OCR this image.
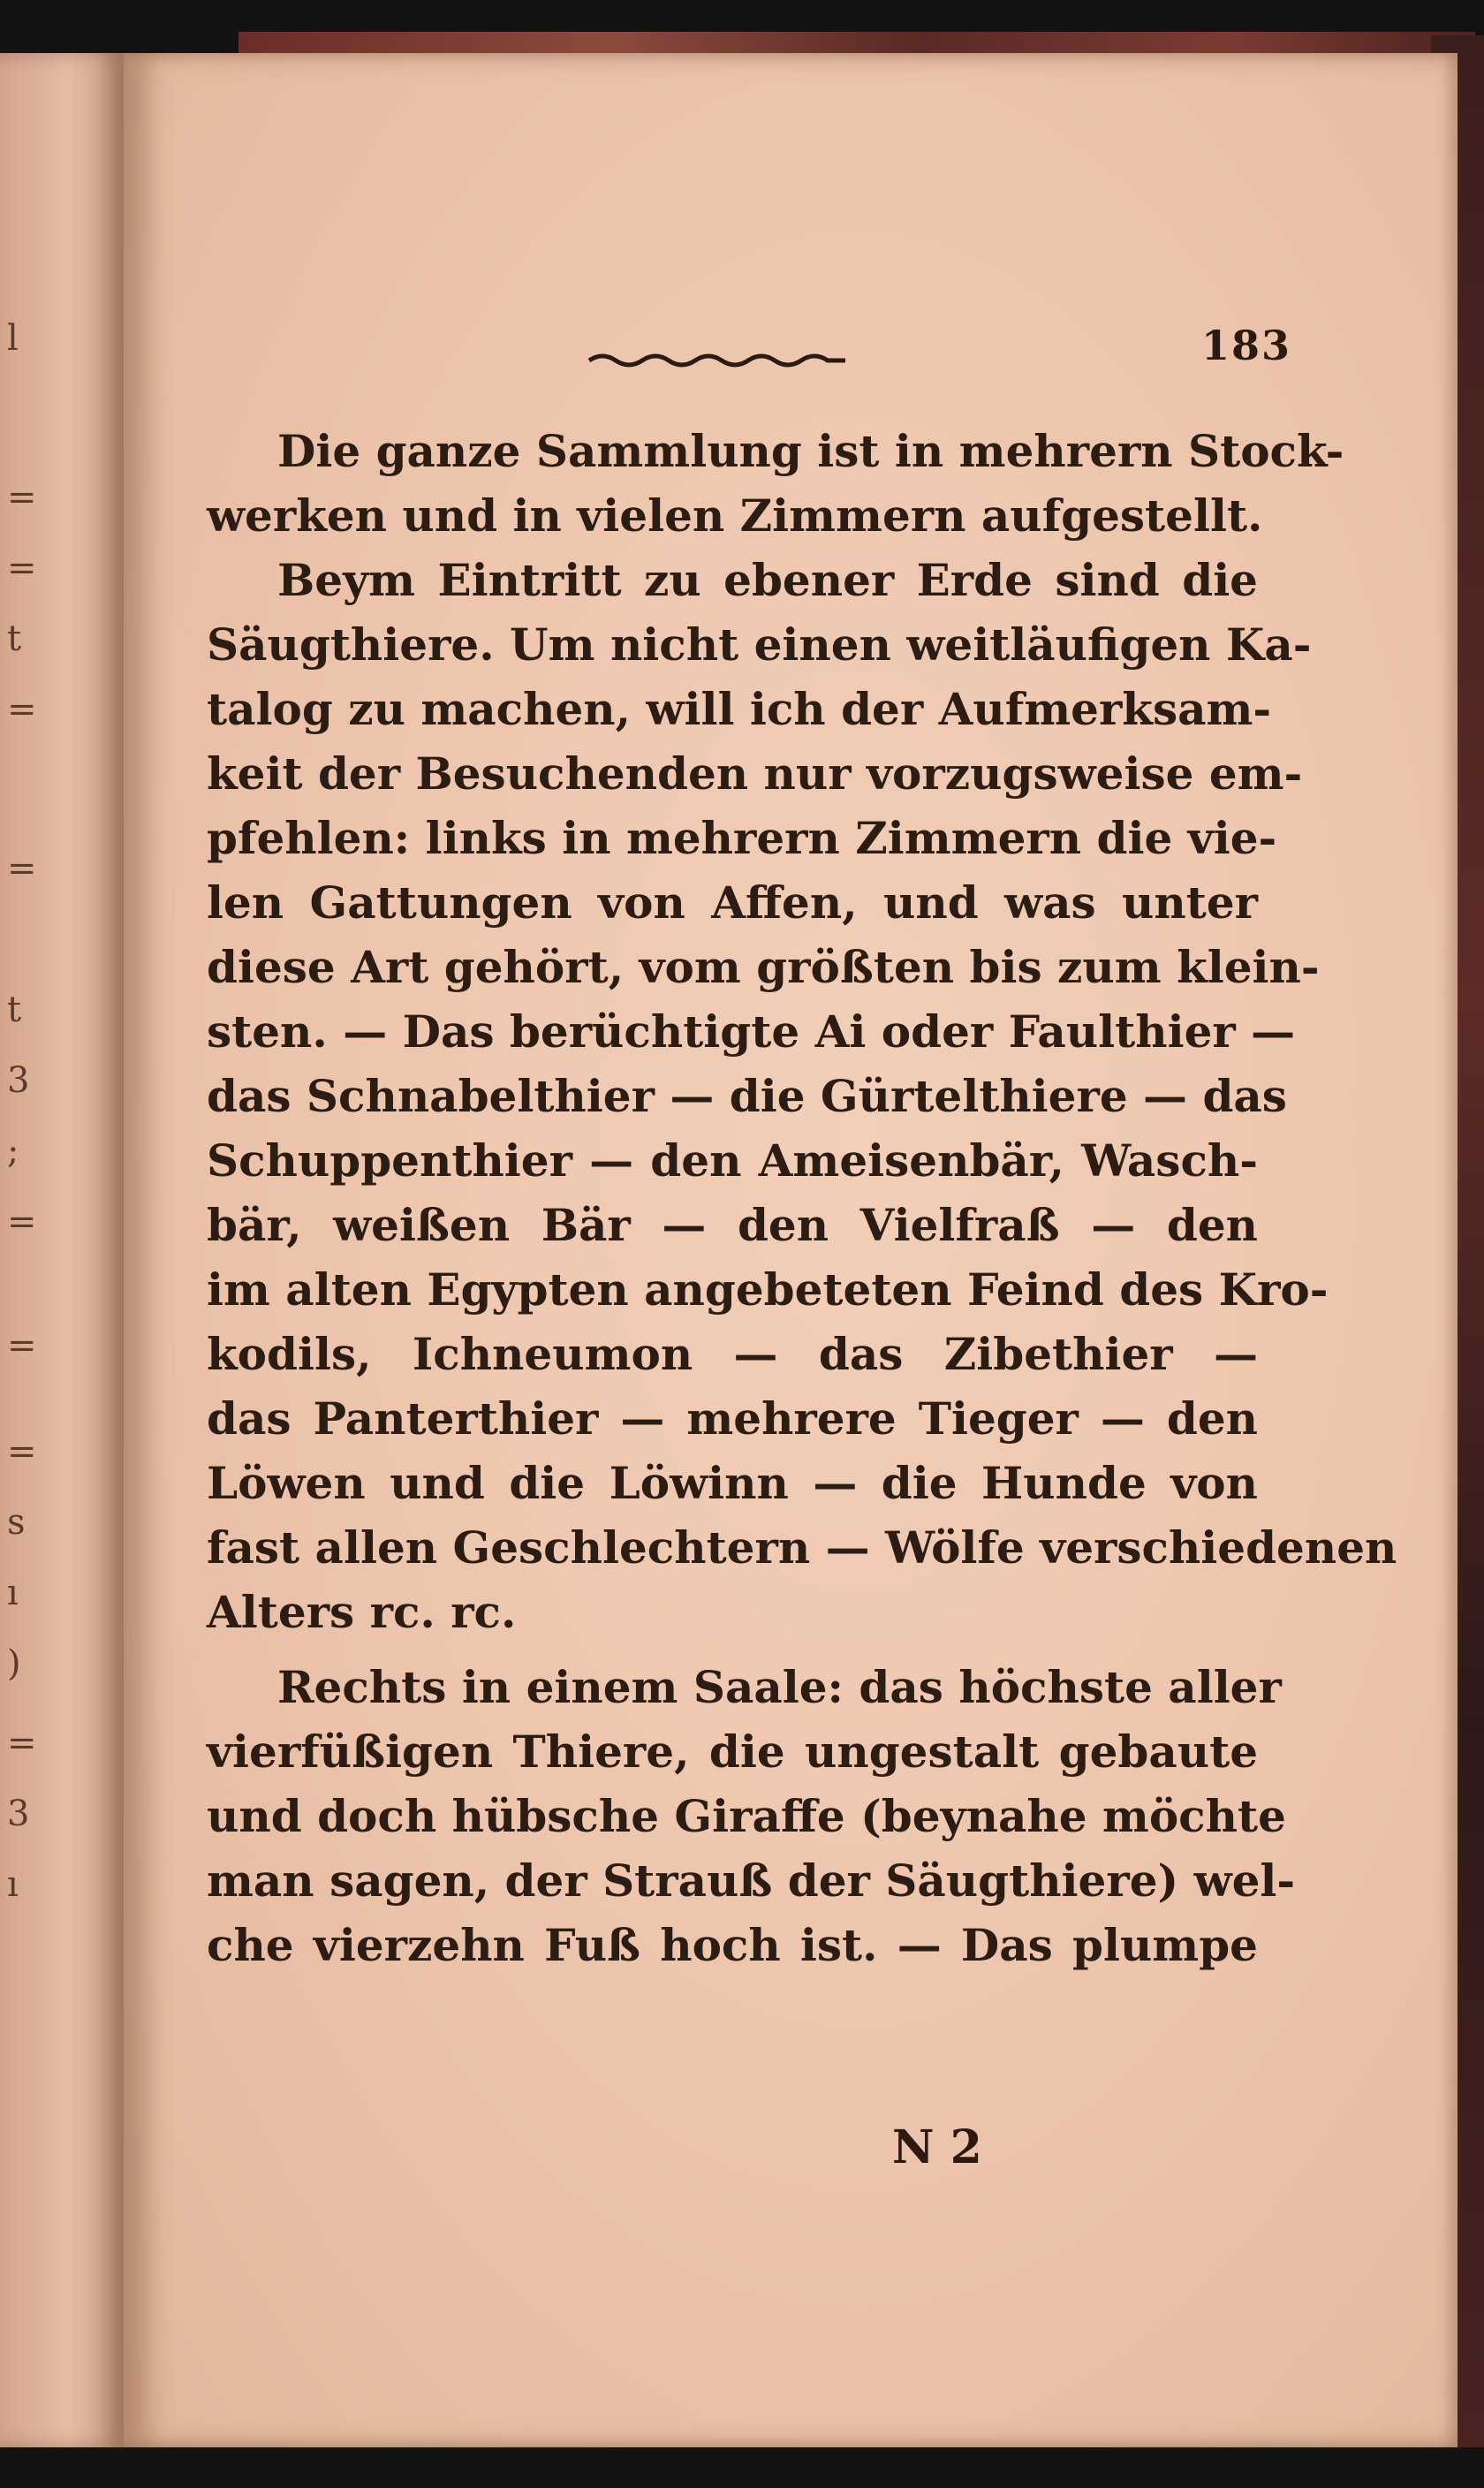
l
=
=
t
=
=
t
3
;
=
=
=
s
ı
)
=
3
ı
183
Die ganze Sammlung ist in mehrern Stock-
werken und in vielen Zimmern aufgestellt.
Beym Eintritt zu ebener Erde sind die
Säugthiere. Um nicht einen weitläufigen Ka-
talog zu machen, will ich der Aufmerksam-
keit der Besuchenden nur vorzugsweise em-
pfehlen: links in mehrern Zimmern die vie-
len Gattungen von Affen, und was unter
diese Art gehört, vom größten bis zum klein-
sten. — Das berüchtigte Ai oder Faulthier —
das Schnabelthier — die Gürtelthiere — das
Schuppenthier — den Ameisenbär, Wasch-
bär, weißen Bär — den Vielfraß — den
im alten Egypten angebeteten Feind des Kro-
kodils, Ichneumon — das Zibethier —
das Panterthier — mehrere Tieger — den
Löwen und die Löwinn — die Hunde von
fast allen Geschlechtern — Wölfe verschiedenen
Alters rc. rc.
Rechts in einem Saale: das höchste aller
vierfüßigen Thiere, die ungestalt gebaute
und doch hübsche Giraffe (beynahe möchte
man sagen, der Strauß der Säugthiere) wel-
che vierzehn Fuß hoch ist. — Das plumpe
N 2
